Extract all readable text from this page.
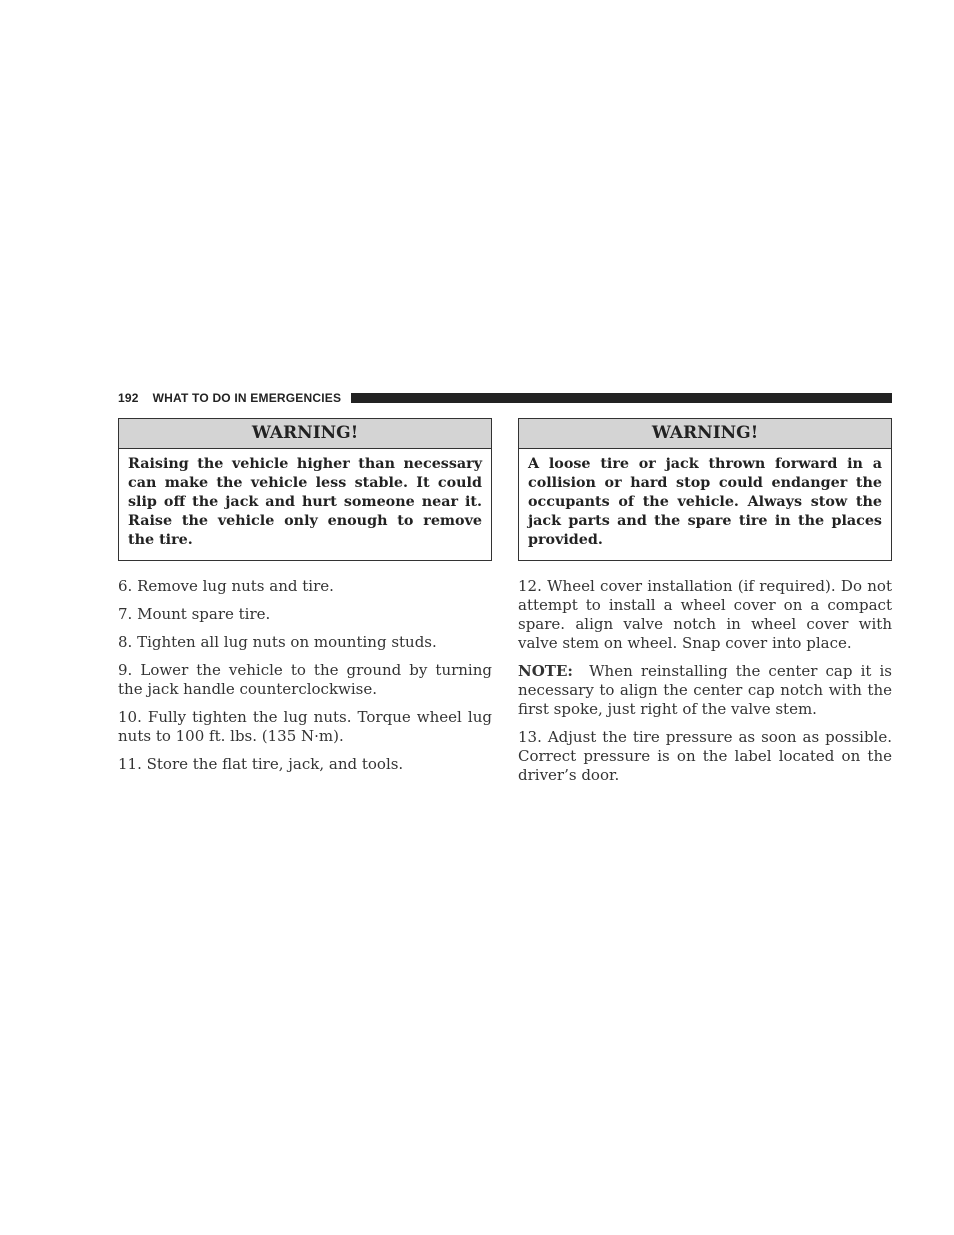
192 WHAT TO DO IN EMERGENCIES
WARNING!
Raising the vehicle higher than necessary can make the vehicle less stable. It could slip off the jack and hurt someone near it. Raise the vehicle only enough to remove the tire.

6. Remove lug nuts and tire.

7. Mount spare tire.

8. Tighten all lug nuts on mounting studs.

9. Lower the vehicle to the ground by turning the jack handle counterclockwise.

10. Fully tighten the lug nuts. Torque wheel lug nuts to 100 ft. lbs. (135 N·m).

11. Store the flat tire, jack, and tools.

WARNING!
A loose tire or jack thrown forward in a collision or hard stop could endanger the occupants of the vehicle. Always stow the jack parts and the spare tire in the places provided.

12. Wheel cover installation (if required). Do not attempt to install a wheel cover on a compact spare. align valve notch in wheel cover with valve stem on wheel. Snap cover into place.

NOTE: When reinstalling the center cap it is necessary to align the center cap notch with the first spoke, just right of the valve stem.

13. Adjust the tire pressure as soon as possible. Correct pressure is on the label located on the driver’s door.
